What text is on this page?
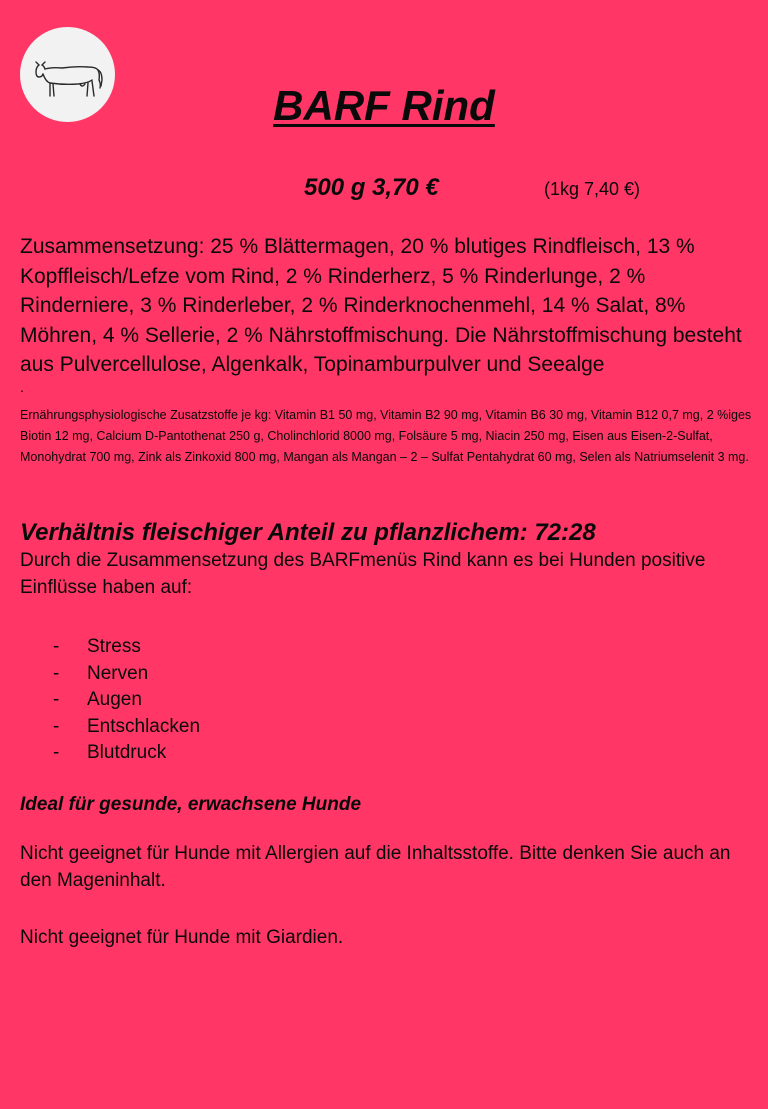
BARF Rind
500 g 3,70 €	(1kg 7,40 €)

Zusammensetzung: 25 % Blättermagen, 20 % blutiges Rindfleisch, 13 % Kopffleisch/Lefze vom Rind, 2 % Rinderherz, 5 % Rinderlunge, 2 % Rinderniere, 3 % Rinderleber, 2 % Rinderknochenmehl, 14 % Salat, 8% Möhren, 4 % Sellerie, 2 % Nährstoffmischung. Die Nährstoffmischung besteht aus Pulvercellulose, Algenkalk, Topinamburpulver und Seealge

.

Ernährungsphysiologische Zusatzstoffe je kg: Vitamin B1 50 mg, Vitamin B2 90 mg, Vitamin B6 30 mg, Vitamin B12 0,7 mg, 2 %iges Biotin 12 mg, Calcium D-Pantothenat 250 g, Cholinchlorid 8000 mg, Folsäure 5 mg, Niacin 250 mg, Eisen aus Eisen-2-Sulfat, Monohydrat 700 mg, Zink als Zinkoxid 800 mg, Mangan als Mangan – 2 – Sulfat Pentahydrat 60 mg, Selen als Natriumselenit 3 mg.

Verhältnis fleischiger Anteil zu pflanzlichem: 72:28

Durch die Zusammensetzung des BARFmenüs Rind kann es bei Hunden positive Einflüsse haben auf:

-	Stress
-	Nerven
-	Augen
-	Entschlacken
-	Blutdruck

Ideal für gesunde, erwachsene Hunde

Nicht geeignet für Hunde mit Allergien auf die Inhaltsstoffe. Bitte denken Sie auch an den Mageninhalt.

Nicht geeignet für Hunde mit Giardien.
